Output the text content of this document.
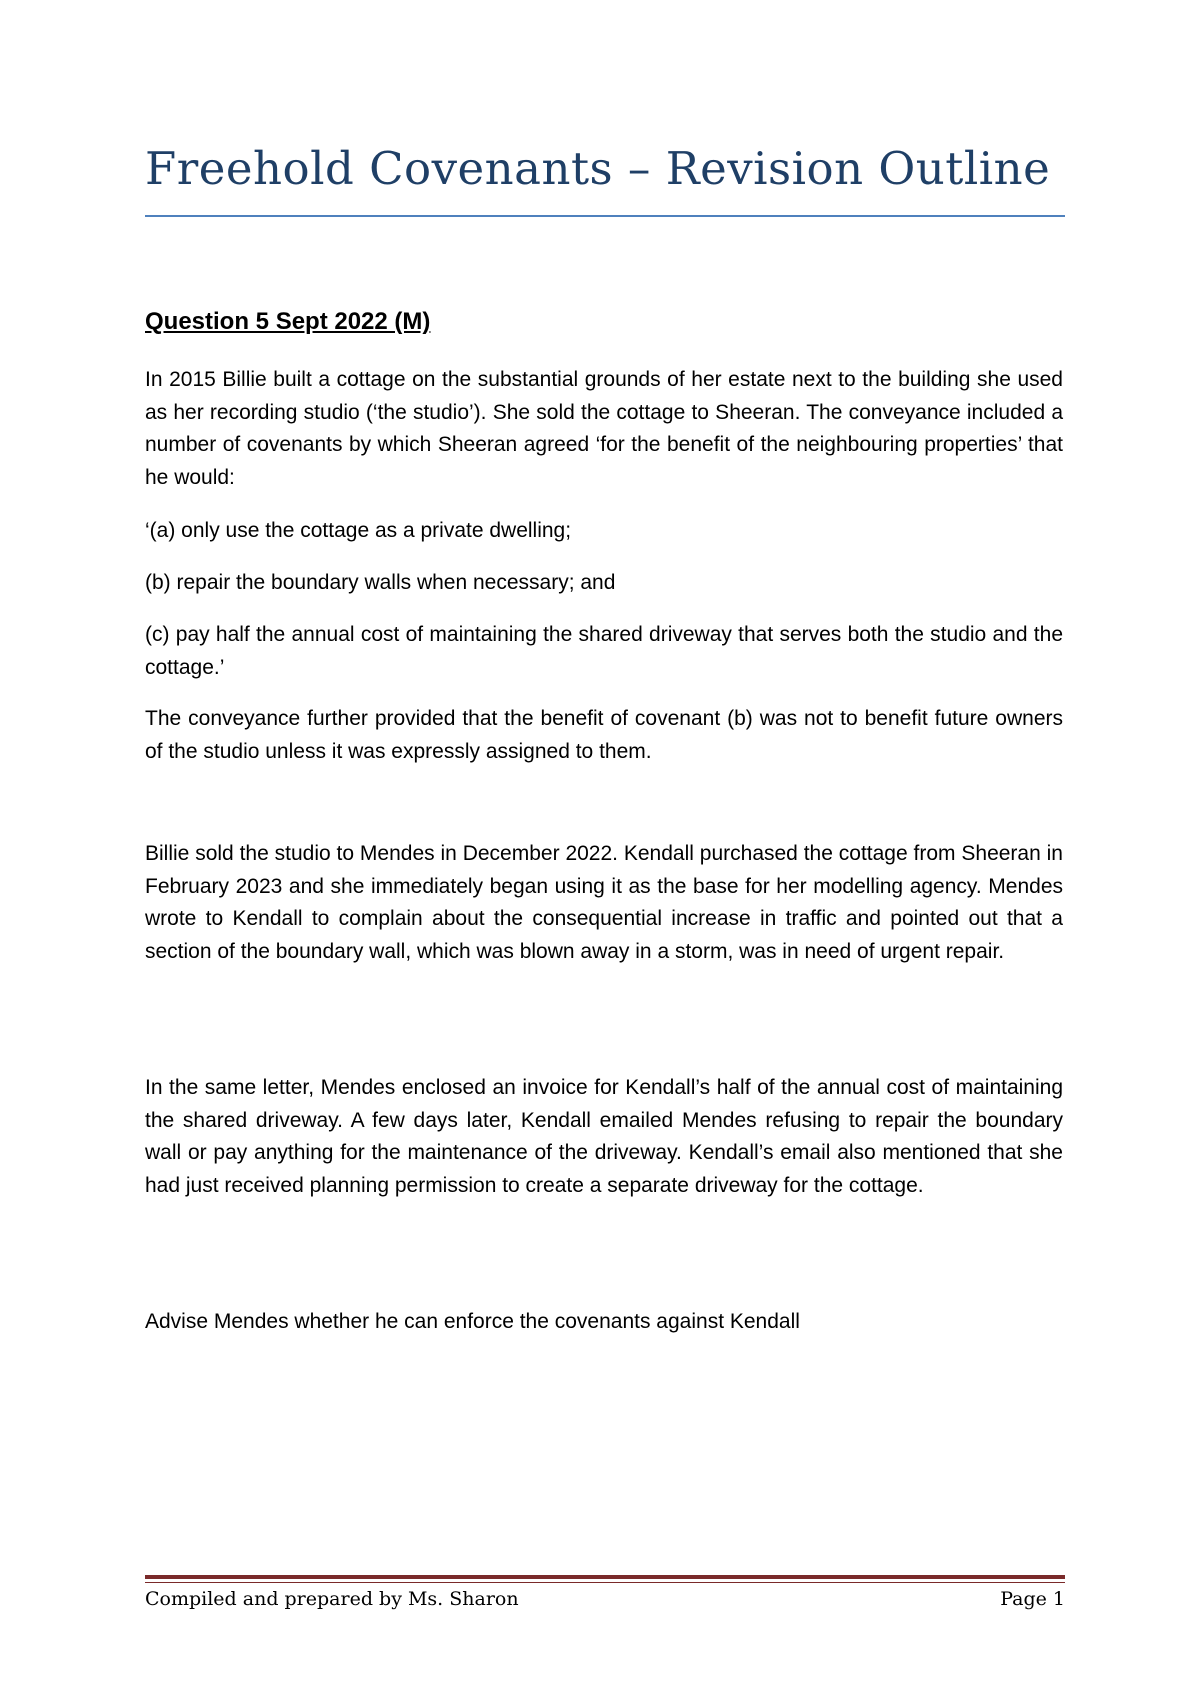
Freehold Covenants – Revision Outline
Question 5 Sept 2022 (M)

In 2015 Billie built a cottage on the substantial grounds of her estate next to the building she used as her recording studio (‘the studio’). She sold the cottage to Sheeran. The conveyance included a number of covenants by which Sheeran agreed ‘for the benefit of the neighbouring properties’ that he would:

‘(a) only use the cottage as a private dwelling;

(b) repair the boundary walls when necessary; and

(c) pay half the annual cost of maintaining the shared driveway that serves both the studio and the cottage.’

The conveyance further provided that the benefit of covenant (b) was not to benefit future owners of the studio unless it was expressly assigned to them.

Billie sold the studio to Mendes in December 2022. Kendall purchased the cottage from Sheeran in February 2023 and she immediately began using it as the base for her modelling agency. Mendes wrote to Kendall to complain about the consequential increase in traffic and pointed out that a section of the boundary wall, which was blown away in a storm, was in need of urgent repair.

In the same letter, Mendes enclosed an invoice for Kendall’s half of the annual cost of maintaining the shared driveway. A few days later, Kendall emailed Mendes refusing to repair the boundary wall or pay anything for the maintenance of the driveway. Kendall’s email also mentioned that she had just received planning permission to create a separate driveway for the cottage.

Advise Mendes whether he can enforce the covenants against Kendall

Compiled and prepared by Ms. Sharon	Page 1
